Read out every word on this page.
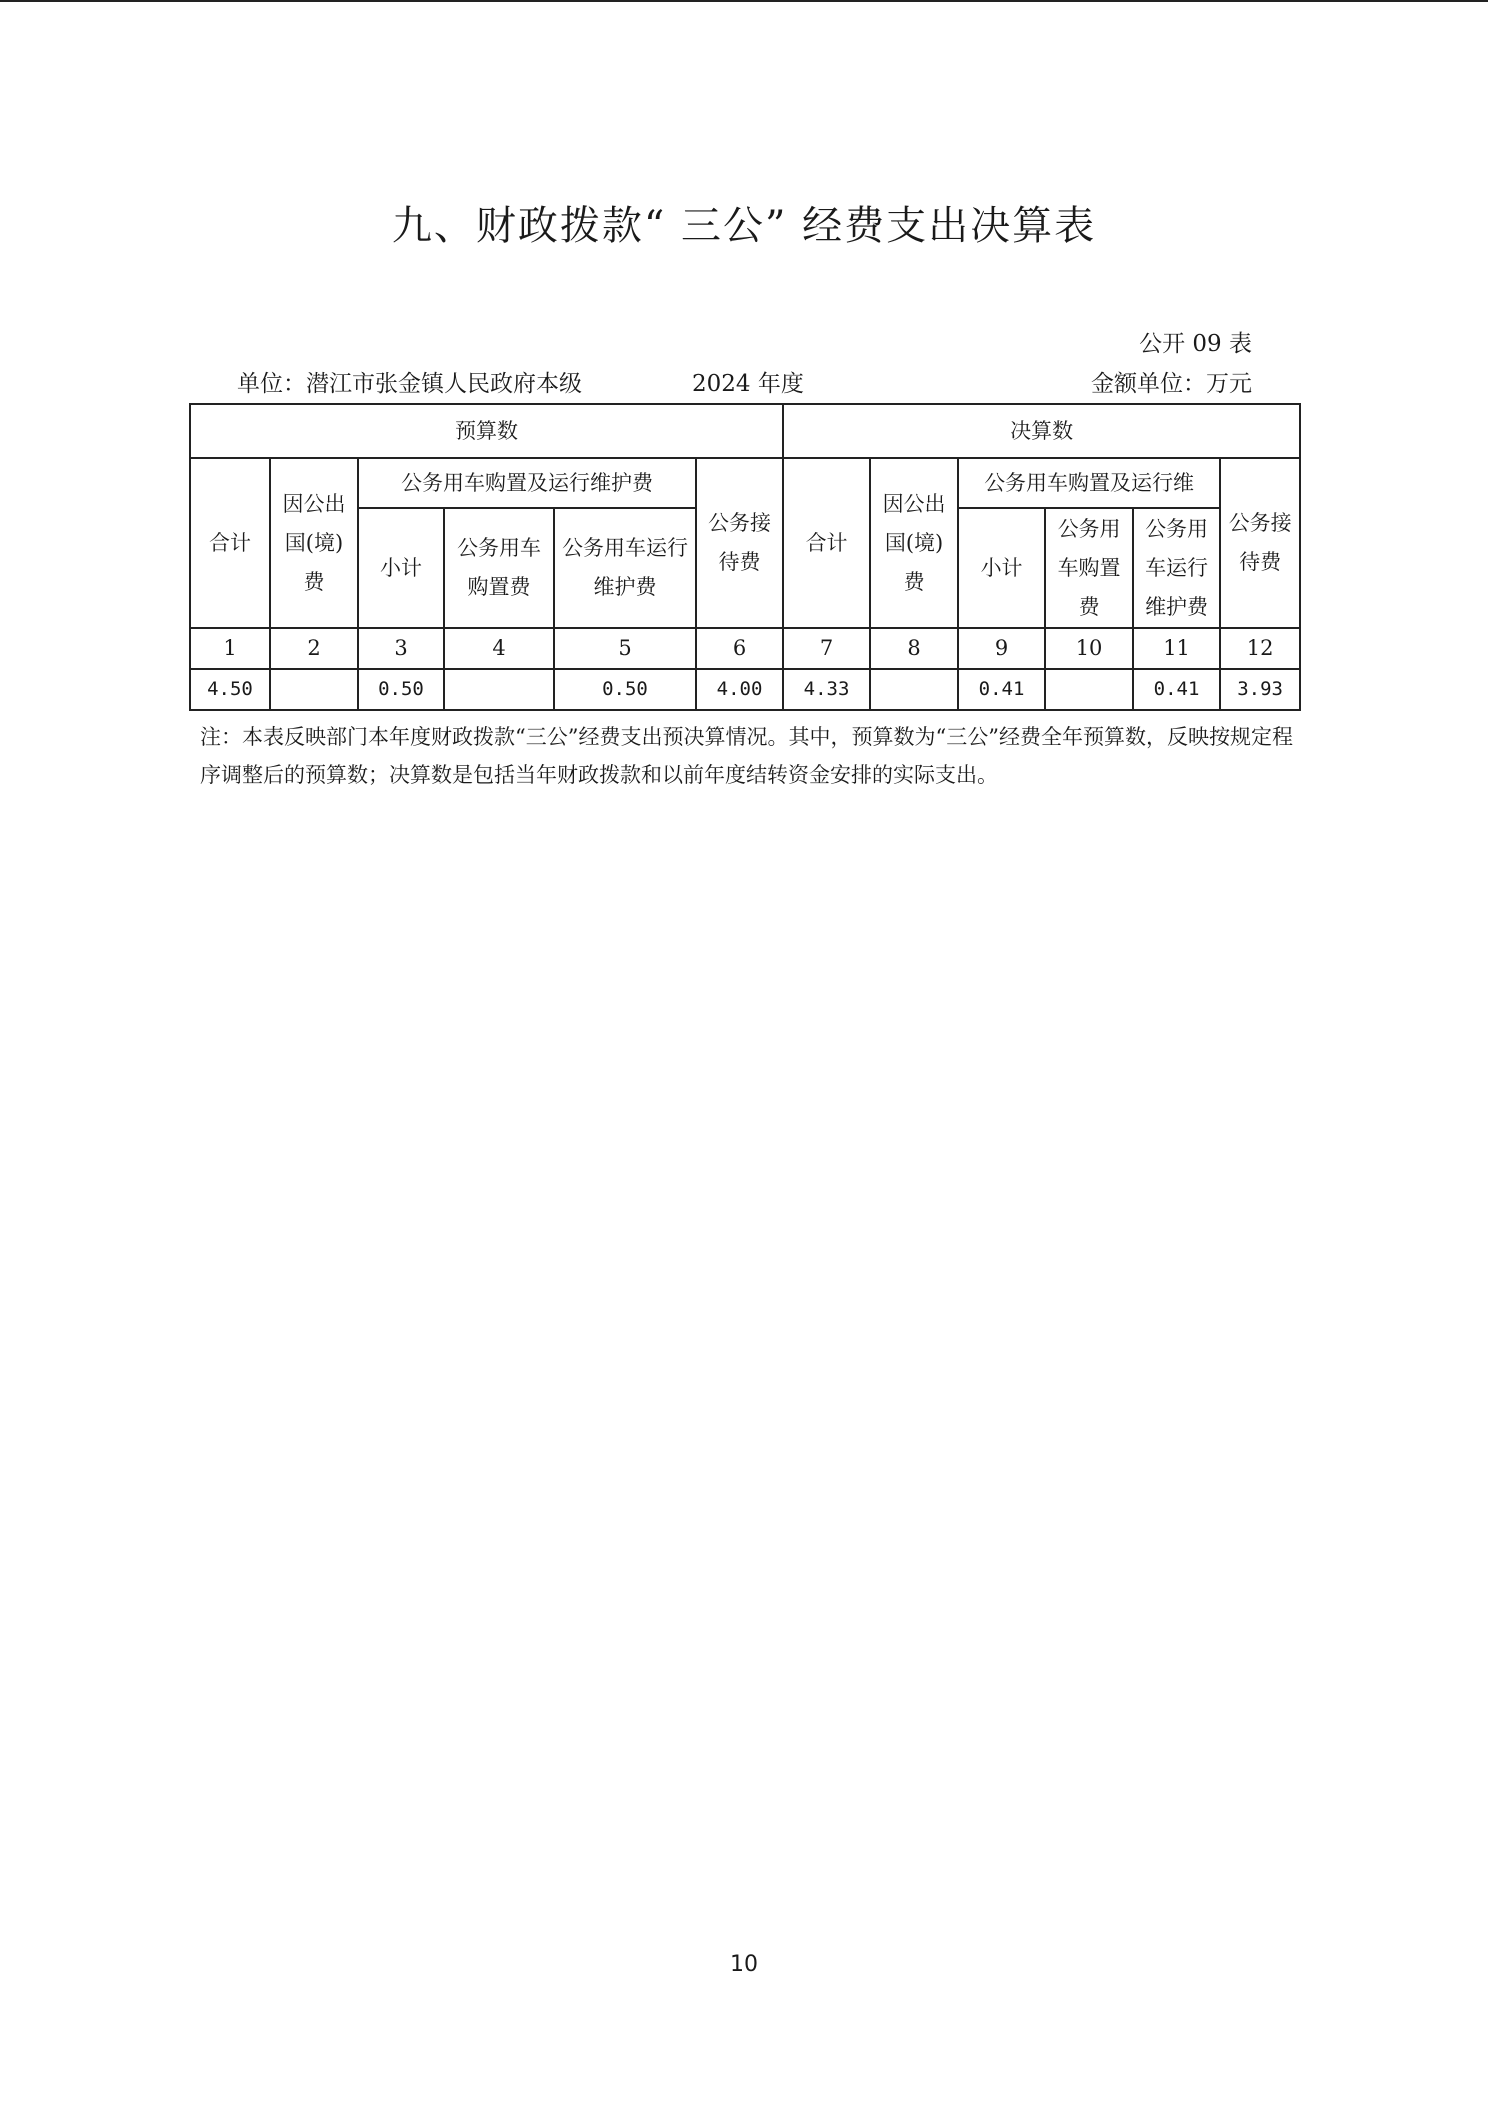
九、财政拨款“ 三公” 经费支出决算表
公开 09 表
单位：潜江市张金镇人民政府本级	2024 年度	金额单位：万元
预算数						决算数					
合计	因公出国(境)费	公务用车购置及运行维护费			公务接待费	合计	因公出国(境)费	公务用车购置及运行维			公务接待费
		小计	公务用车购置费	公务用车运行维护费				小计	公务用车购置费	公务用车运行维护费	
1	2	3	4	5	6	7	8	9	10	11	12
4.50		0.50		0.50	4.00	4.33		0.41		0.41	3.93
注：本表反映部门本年度财政拨款“三公”经费支出预决算情况。其中，预算数为“三公”经费全年预算数，反映按规定程序调整后的预算数；决算数是包括当年财政拨款和以前年度结转资金安排的实际支出。
10
